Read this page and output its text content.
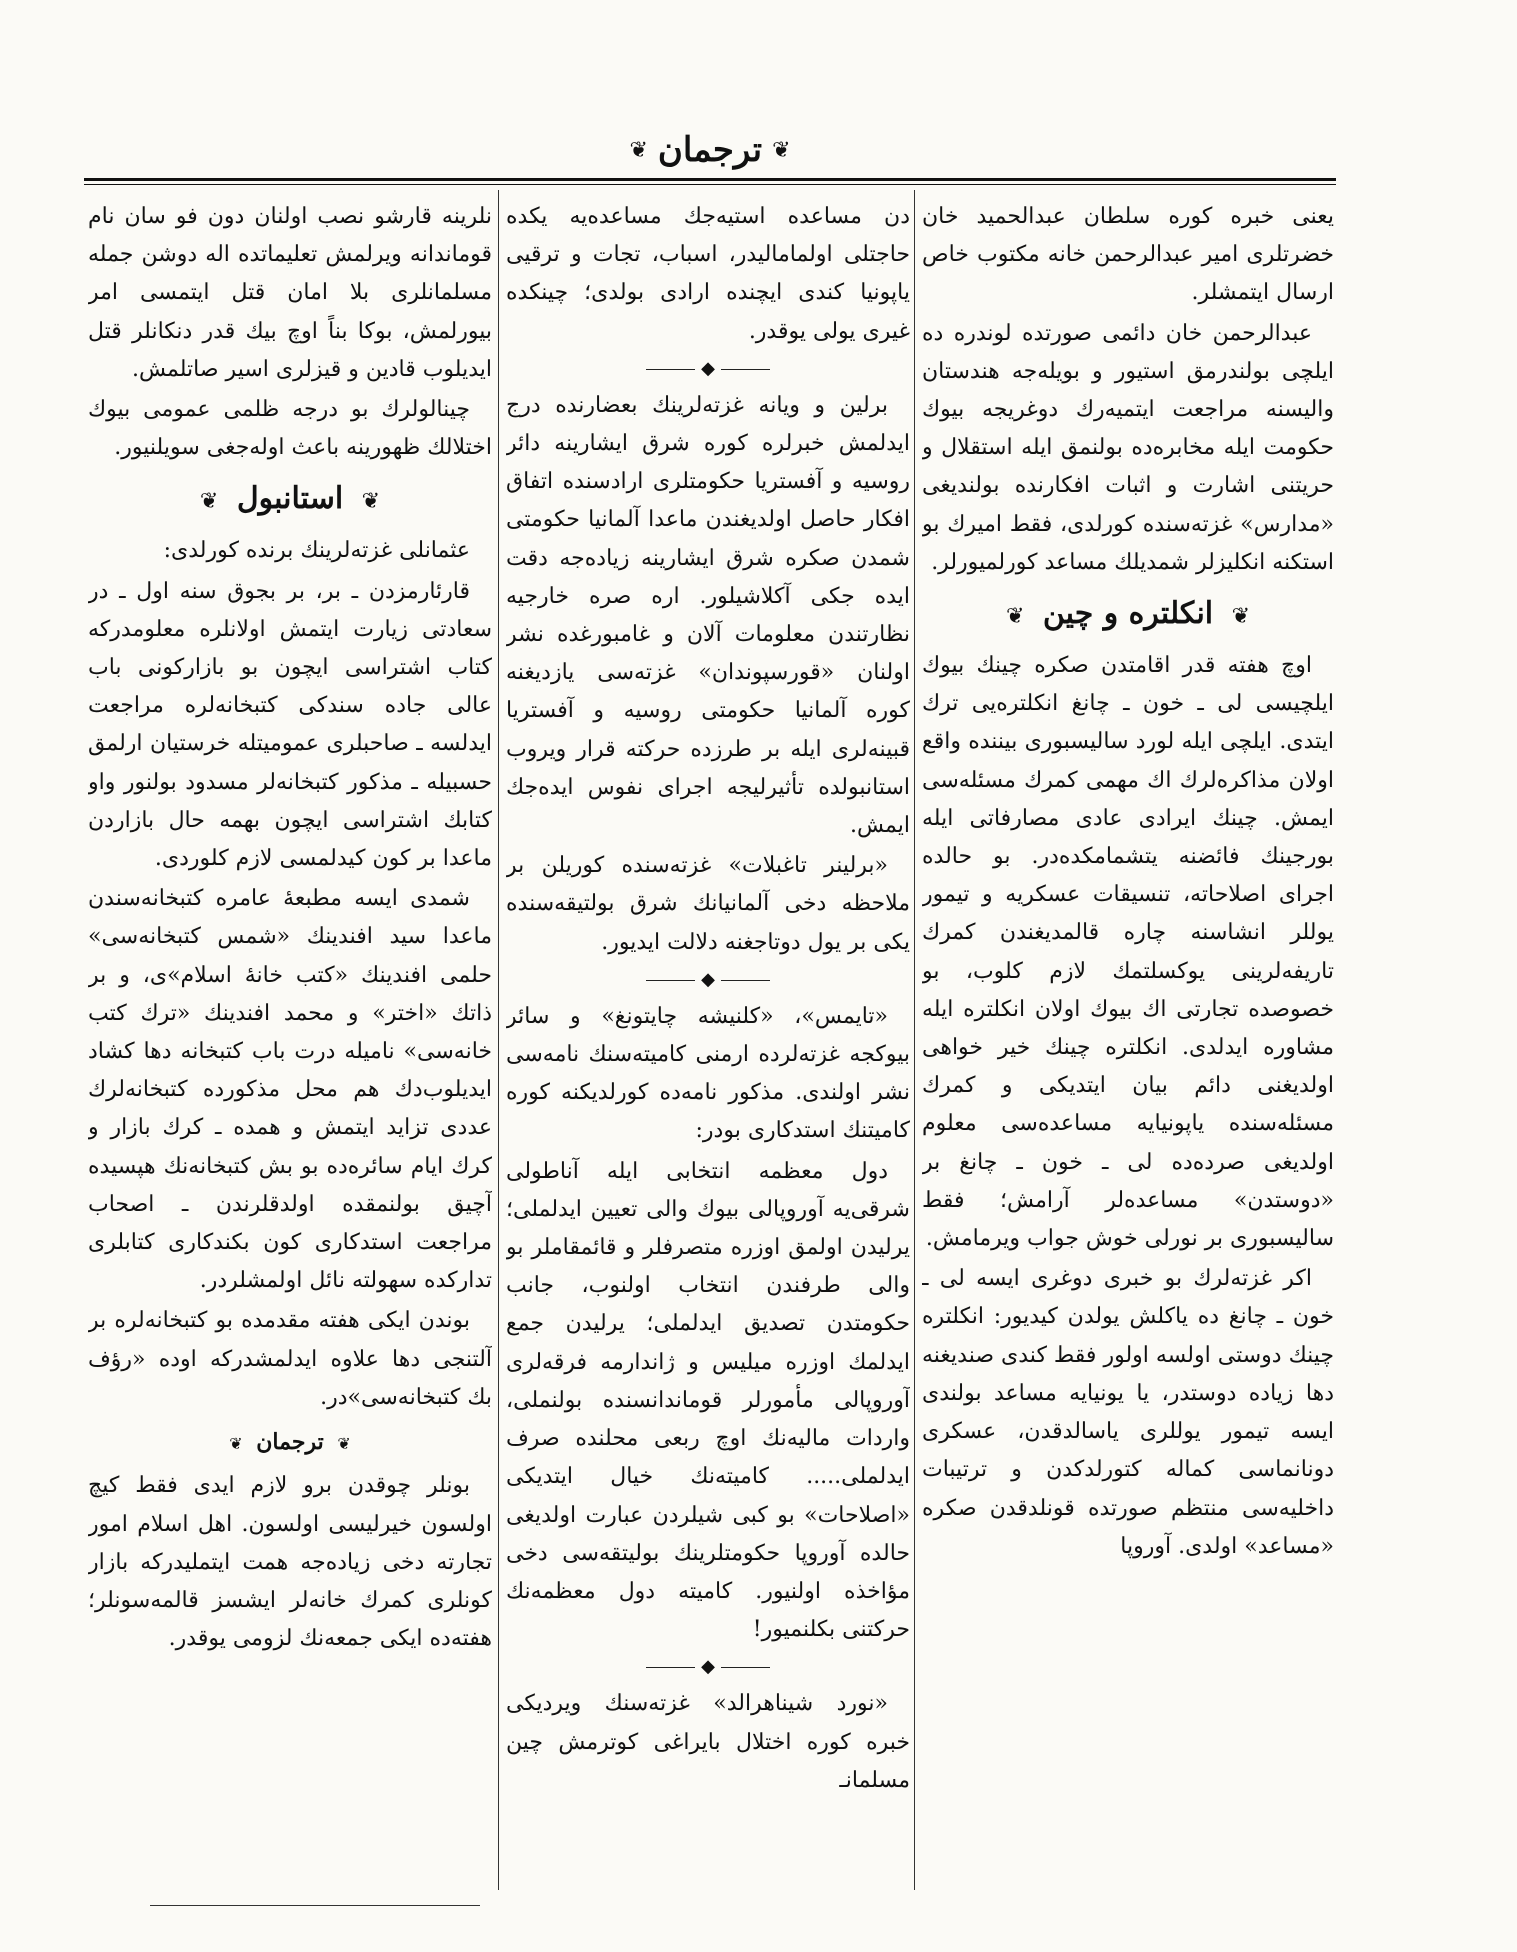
❦ ترجمان ❦

یعنی خبره کوره سلطان عبدالحمید خان خضرتلری امیر عبدالرحمن خانه مکتوب خاص ارسال ایتمشلر.

عبدالرحمن خان دائمی صورتده لوندره ده ایلچی بولندرمق استیور و بویله‌جه هندستان والیسنه مراجعت ایتمیه‌رك دوغریجه بیوك حکومت ایله مخابره‌ده بولنمق ایله استقلال و حریتنی اشارت و اثبات افکارنده بولندیغی «مدارس» غزته‌سنده کورلدی، فقط امیرك بو استکنه انکلیزلر شمدیلك مساعد کورلمیورلر.

❦ انکلتره و چین ❦

اوچ هفته قدر اقامتدن صکره چینك بیوك ایلچیسی لی ـ خون ـ چانغ انکلتره‌یی ترك ایتدی. ایلچی ایله لورد سالیسبوری بیننده واقع اولان مذاکره‌لرك اك مهمی کمرك مسئله‌سی ایمش. چینك ایرادی عادی مصارفاتی ایله بورجینك فائضنه یتشمامکده‌در. بو حالده اجرای اصلاحاته، تنسیقات عسکریه و تیمور یوللر انشاسنه چاره قالمدیغندن کمرك تاریفه‌لرینی یوکسلتمك لازم کلوب، بو خصوصده تجارتی اك بیوك اولان انکلتره ایله مشاوره ایدلدی. انکلتره چینك خیر خواهی اولدیغنی دائم بیان ایتدیکی و کمرك مسئله‌سنده یاپونیایه مساعده‌سی معلوم اولدیغی صرده‌ده لی ـ خون ـ چانغ بر «دوستدن» مساعده‌لر آرامش؛ فقط سالیسبوری بر نورلی خوش جواب ویرمامش.

اکر غزته‌لرك بو خبری دوغری ایسه لی ـ خون ـ چانغ ده یاکلش یولدن کیدیور: انکلتره چینك دوستی اولسه اولور فقط کندی صندیغنه دها زیاده دوستدر، یا یونیایه مساعد بولندی ایسه تیمور یوللری یاسالدقدن، عسکری دونانماسی کماله کتورلدکدن و ترتیبات داخلیه‌سی منتظم صورتده قونلدقدن صکره «مساعد» اولدی. آوروپا

دن مساعده استیه‌جك مساعده‌یه یکده حاجتلی اولمامالیدر، اسباب، تجات و ترقیی یاپونیا کندی ایچنده ارادی بولدی؛ چینکده غیری یولی یوقدر.

◆

برلین و ویانه غزته‌لرینك بعضارنده درج ایدلمش خبرلره کوره شرق ایشارینه دائر روسیه و آفستریا حکومتلری ارادسنده اتفاق افکار حاصل اولدیغندن ماعدا آلمانیا حکومتی شمدن صکره شرق ایشارینه زیاده‌جه دقت ایده جکی آکلاشیلور. اره صره خارجیه نظارتندن معلومات آلان و غامبورغده نشر اولنان «قورسپوندان» غزته‌سی یازدیغنه کوره آلمانیا حکومتی روسیه و آفستریا قبینه‌لری ایله بر طرزده حرکته قرار ویروب استانبولده تأثیرلیجه اجرای نفوس ایده‌جك ایمش.

«برلینر تاغبلات» غزته‌سنده کوریلن بر ملاحظه دخی آلمانیانك شرق بولتیقه‌سنده یکی بر یول دوتاجغنه دلالت ایدیور.

◆

«تایمس»، «کلنیشه چایتونغ» و سائر بیوکجه غزته‌لرده ارمنی کامیته‌سنك نامه‌سی نشر اولندی. مذکور نامه‌ده کورلدیکنه کوره کامیتنك استدکاری بودر:

دول معظمه انتخابی ایله آناطولی شرقی‌یه آوروپالی بیوك والی تعیین ایدلملی؛ یرلیدن اولمق اوزره متصرفلر و قائمقاملر بو والی طرفندن انتخاب اولنوب، جانب حکومتدن تصدیق ایدلملی؛ یرلیدن جمع ایدلمك اوزره میلیس و ژاندارمه فرقه‌لری آوروپالی مأمورلر قوماندانسنده بولنملی، واردات مالیه‌نك اوچ ربعی محلنده صرف ایدلملی..... کامیته‌نك خیال ایتدیکی «اصلاحات» بو کبی شیلردن عبارت اولدیغی حالده آوروپا حکومتلرینك بولیتقه‌سی دخی مؤاخذه اولنیور. کامیته دول معظمه‌نك حرکتنی بکلنمیور!

◆

«نورد شیناهرالد» غزته‌سنك ویردیکی خبره کوره اختلال بایراغی کوترمش چین مسلمانـ

نلرینه قارشو نصب اولنان دون فو سان نام قوماندانه ویرلمش تعلیماتده اله دوشن جمله مسلمانلری بلا امان قتل ایتمسی امر بیورلمش، بوکا بناً اوچ بیك قدر دنکانلر قتل ایدیلوب قادین و قیزلری اسیر صاتلمش.

چینالولرك بو درجه ظلمی عمومی بیوك اختلالك ظهورینه باعث اوله‌جغی سویلنیور.

❦ استانبول ❦

عثمانلی غزته‌لرینك برنده کورلدی:

قارئارمزدن ـ بر، بر بجوق سنه اول ـ در سعادتی زیارت ایتمش اولانلره معلومدرکه کتاب اشتراسی ایچون بو بازارکونی باب عالی جاده سندکی کتبخانه‌لره مراجعت ایدلسه ـ صاحبلری عمومیتله خرستیان ارلمق حسبیله ـ مذکور کتبخانه‌لر مسدود بولنور واو کتابك اشتراسی ایچون بهمه حال بازاردن ماعدا بر کون کیدلمسی لازم کلوردی.

شمدی ایسه مطبعهٔ عامره کتبخانه‌سندن ماعدا سید افندینك «شمس کتبخانه‌سی» حلمی افندینك «کتب خانهٔ اسلام»ی، و بر ذاتك «اختر» و محمد افندینك «ترك کتب خانه‌سی» نامیله درت باب کتبخانه دها کشاد ایدیلوب‌دك هم محل مذکورده کتبخانه‌لرك عددی تزاید ایتمش و همده ـ کرك بازار و کرك ایام سائره‌ده بو بش کتبخانه‌نك هپسیده آچیق بولنمقده اولدقلرندن ـ اصحاب مراجعت استدکاری کون بکندکاری کتابلری تدارکده سهولته نائل اولمشلردر.

بوندن ایکی هفته مقدمده بو کتبخانه‌لره بر آلتنجی دها علاوه ایدلمشدرکه اوده «رؤف بك کتبخانه‌سی»در.

❦ ترجمان ❦

بونلر چوقدن برو لازم ایدی فقط کیچ اولسون خیرلیسی اولسون. اهل اسلام امور تجارته دخی زیاده‌جه همت ایتملیدرکه بازار کونلری کمرك خانه‌لر ایشسز قالمه‌سونلر؛ هفته‌ده ایکی جمعه‌نك لزومی یوقدر.
